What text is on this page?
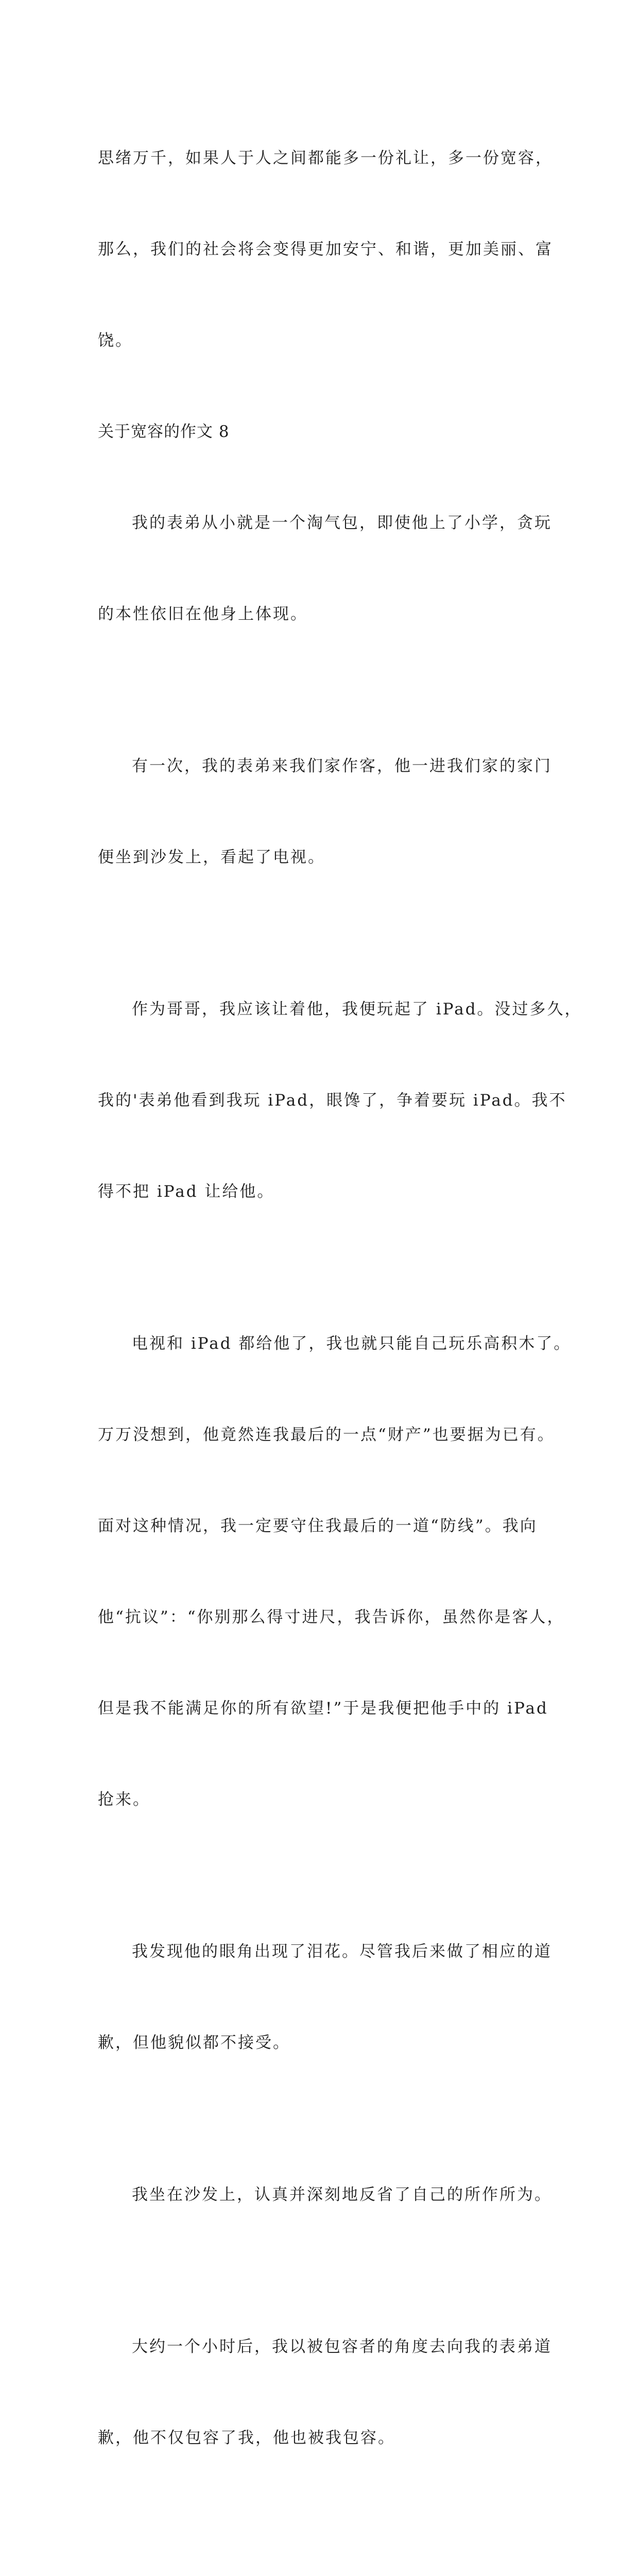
思绪万千，如果人于人之间都能多一份礼让，多一份宽容，

那么，我们的社会将会变得更加安宁、和谐，更加美丽、富

饶。

关于宽容的作文 8

我的表弟从小就是一个淘气包，即使他上了小学，贪玩

的本性依旧在他身上体现。

有一次，我的表弟来我们家作客，他一进我们家的家门

便坐到沙发上，看起了电视。

作为哥哥，我应该让着他，我便玩起了 iPad。没过多久，

我的'表弟他看到我玩 iPad，眼馋了，争着要玩 iPad。我不

得不把 iPad 让给他。

电视和 iPad 都给他了，我也就只能自己玩乐高积木了。

万万没想到，他竟然连我最后的一点“财产”也要据为已有。

面对这种情况，我一定要守住我最后的一道“防线”。我向

他“抗议”：“你别那么得寸进尺，我告诉你，虽然你是客人，

但是我不能满足你的所有欲望!”于是我便把他手中的 iPad

抢来。

我发现他的眼角出现了泪花。尽管我后来做了相应的道

歉，但他貌似都不接受。

我坐在沙发上，认真并深刻地反省了自己的所作所为。

大约一个小时后，我以被包容者的角度去向我的表弟道

歉，他不仅包容了我，他也被我包容。
